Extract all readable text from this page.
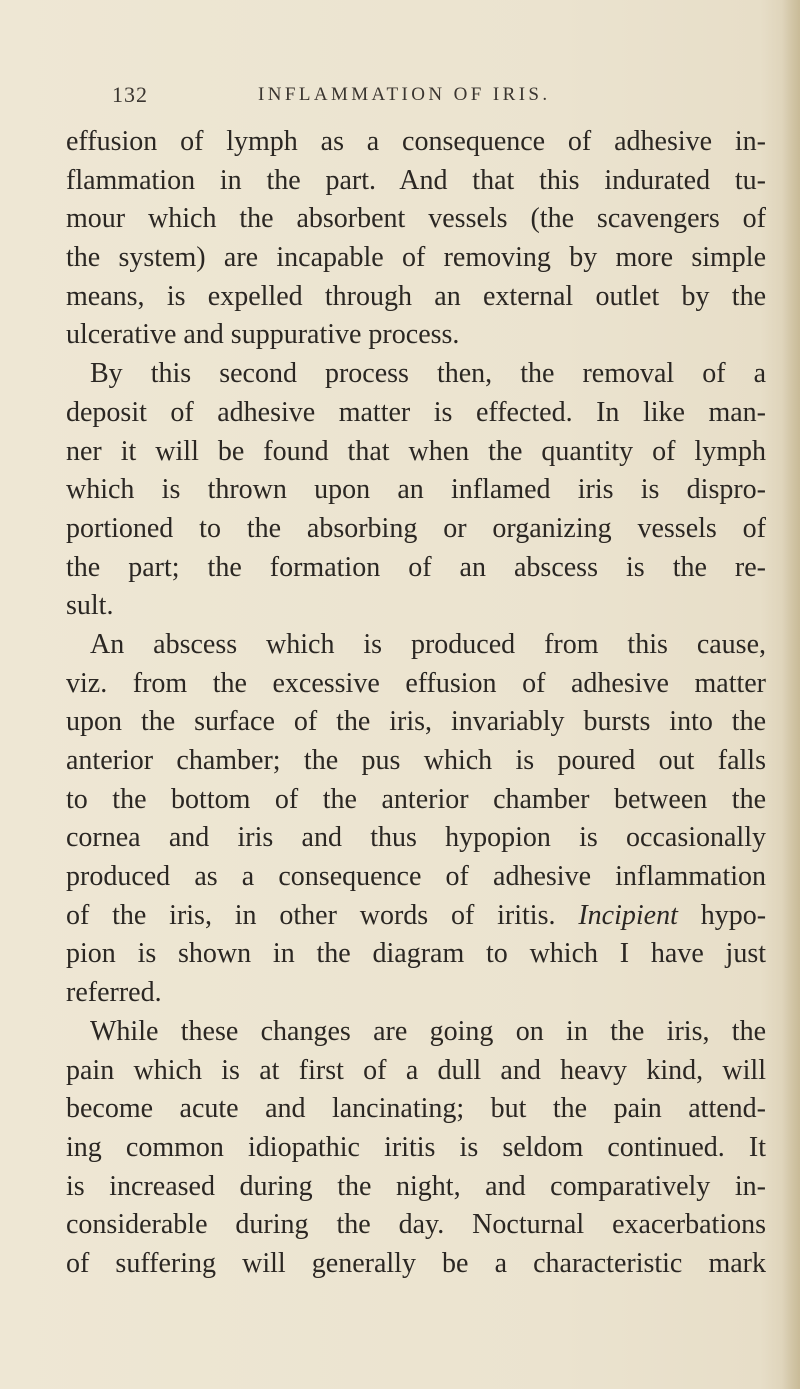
132	INFLAMMATION OF IRIS.
effusion of lymph as a consequence of adhesive in-
flammation in the part. And that this indurated tu-
mour which the absorbent vessels (the scavengers of
the system) are incapable of removing by more simple
means, is expelled through an external outlet by the
ulcerative and suppurative process.
By this second process then, the removal of a
deposit of adhesive matter is effected. In like man-
ner it will be found that when the quantity of lymph
which is thrown upon an inflamed iris is dispro-
portioned to the absorbing or organizing vessels of
the part; the formation of an abscess is the re-
sult.
An abscess which is produced from this cause,
viz. from the excessive effusion of adhesive matter
upon the surface of the iris, invariably bursts into the
anterior chamber; the pus which is poured out falls
to the bottom of the anterior chamber between the
cornea and iris and thus hypopion is occasionally
produced as a consequence of adhesive inflammation
of the iris, in other words of iritis. Incipient hypo-
pion is shown in the diagram to which I have just
referred.
While these changes are going on in the iris, the
pain which is at first of a dull and heavy kind, will
become acute and lancinating; but the pain attend-
ing common idiopathic iritis is seldom continued. It
is increased during the night, and comparatively in-
considerable during the day. Nocturnal exacerbations
of suffering will generally be a characteristic mark
